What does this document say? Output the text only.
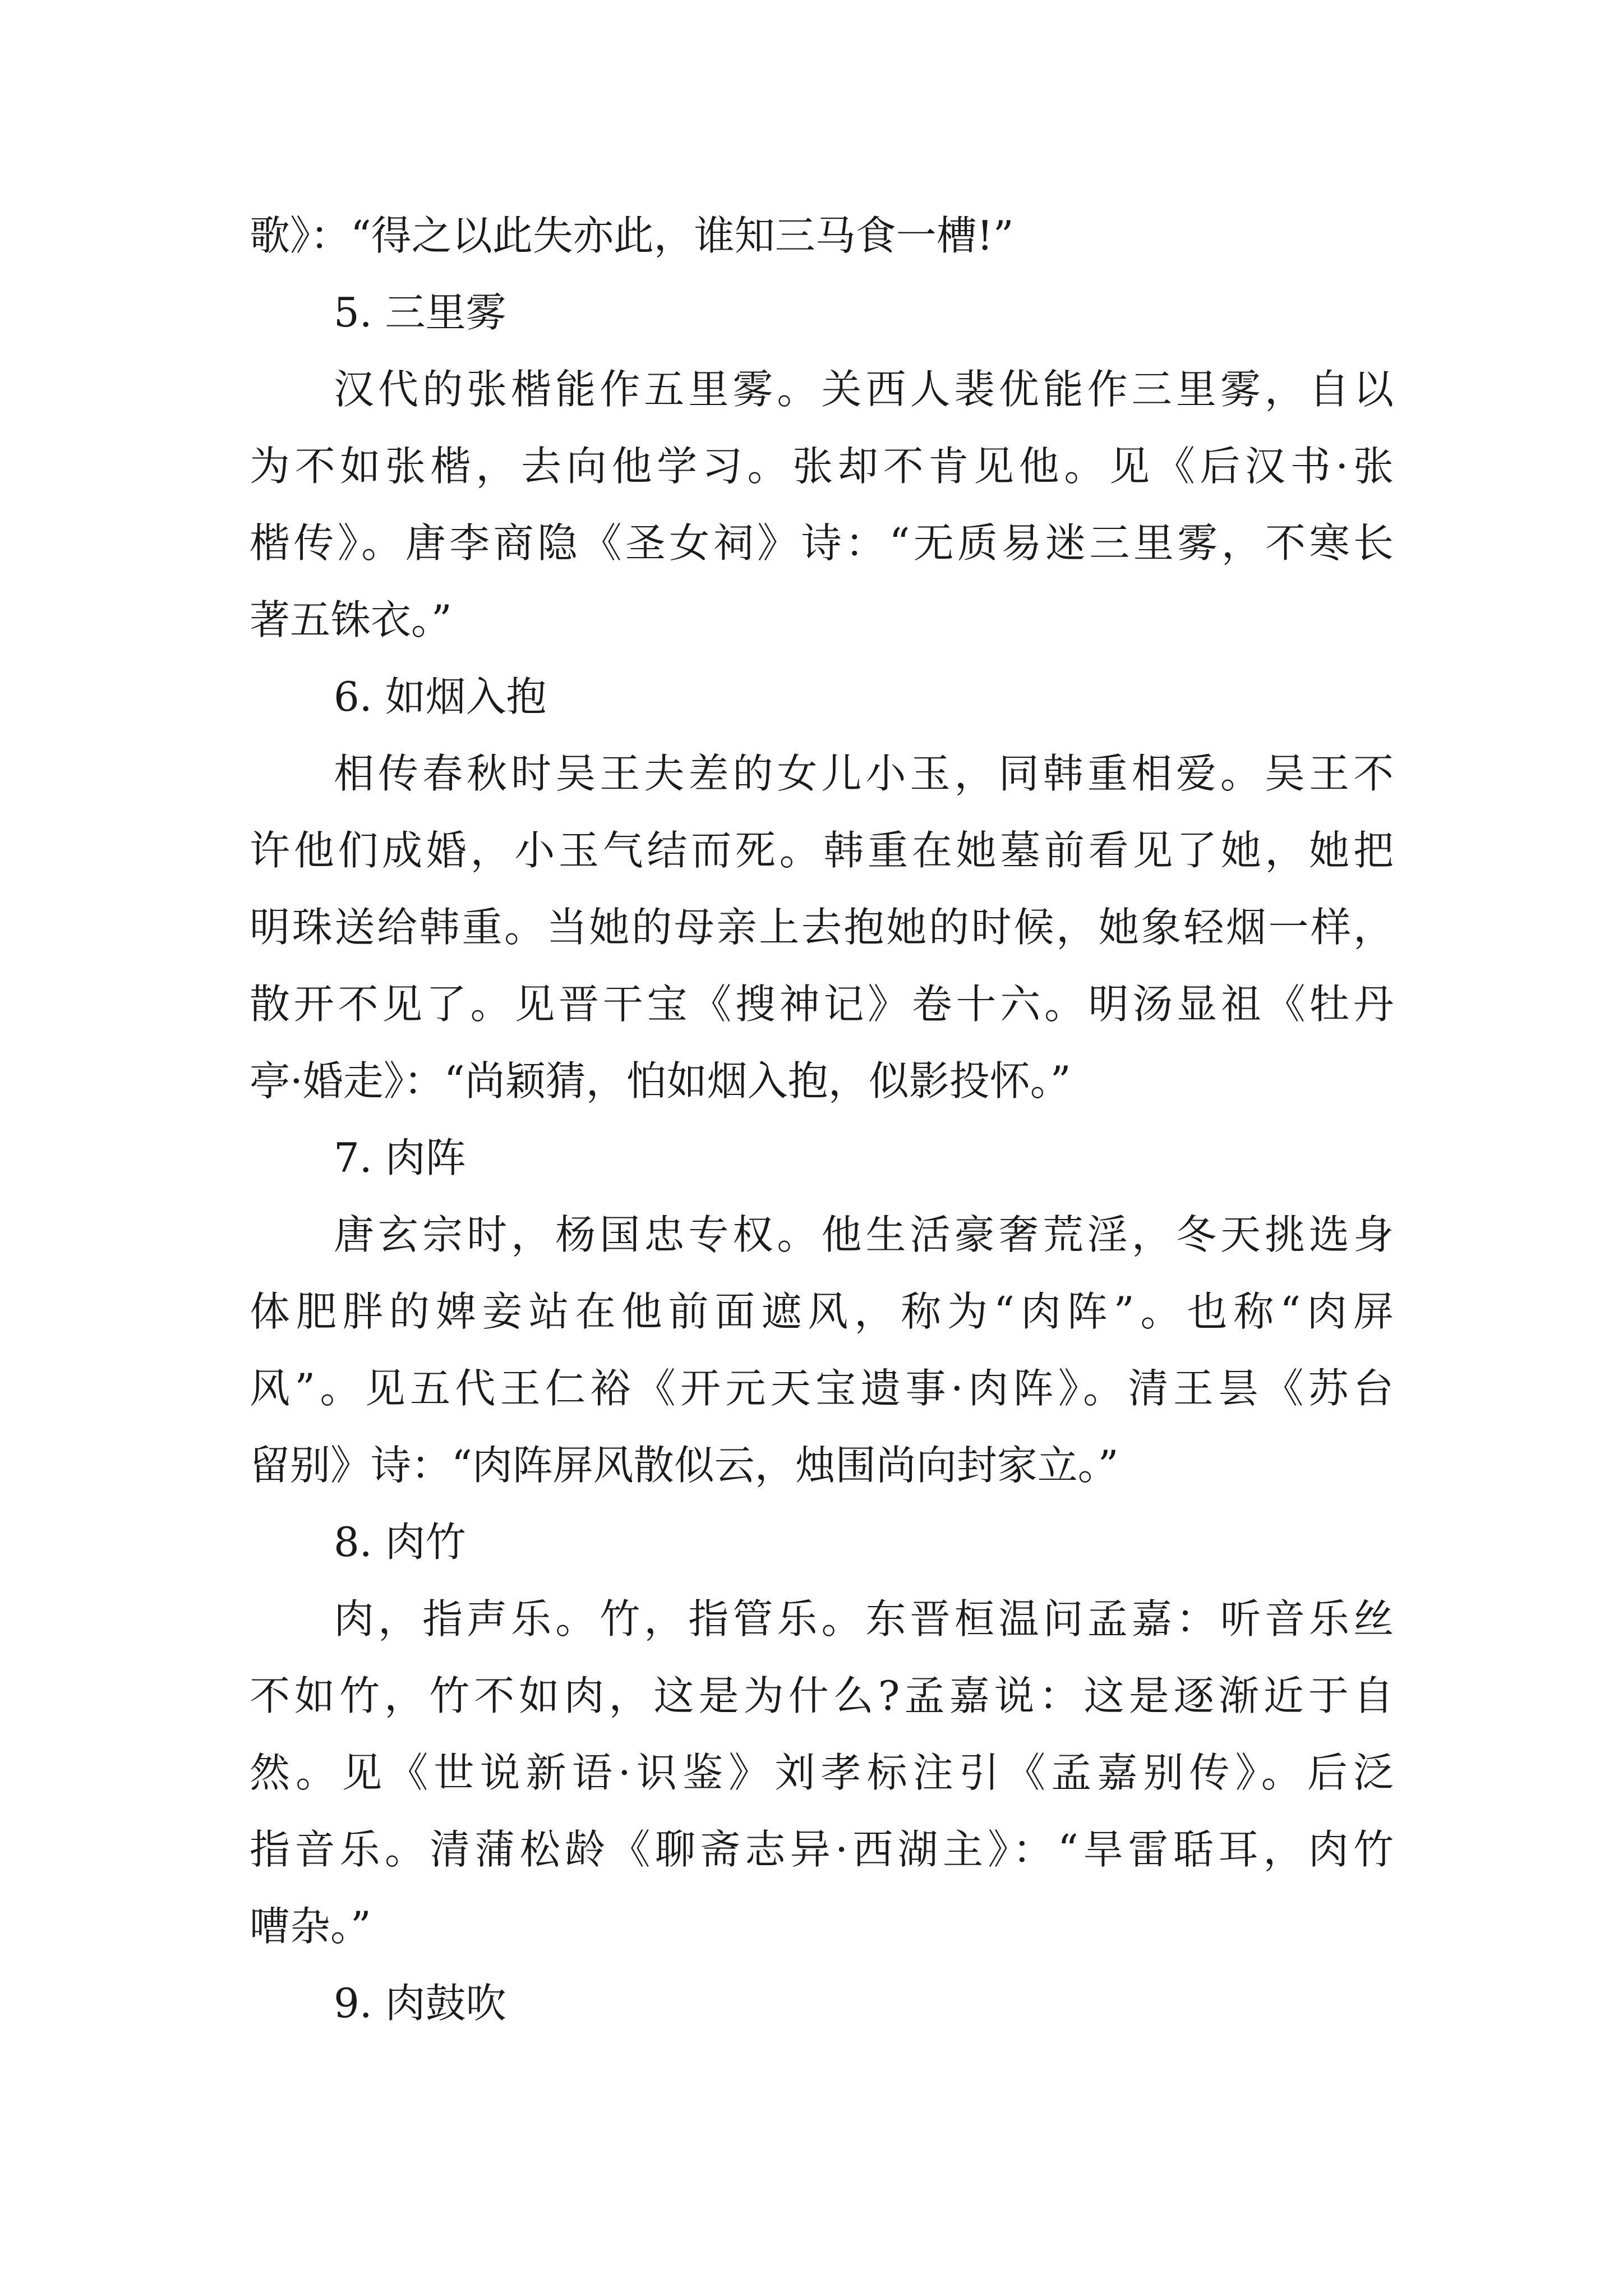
歌》：“得之以此失亦此，谁知三马食一槽!”
5. 三里雾
汉代的张楷能作五里雾。关西人裴优能作三里雾，自以
为不如张楷，去向他学习。张却不肯见他。见《后汉书·张
楷传》。唐李商隐《圣女祠》诗：“无质易迷三里雾，不寒长
著五铢衣。”
6. 如烟入抱
相传春秋时吴王夫差的女儿小玉，同韩重相爱。吴王不
许他们成婚，小玉气结而死。韩重在她墓前看见了她，她把
明珠送给韩重。当她的母亲上去抱她的时候，她象轻烟一样，
散开不见了。见晋干宝《搜神记》卷十六。明汤显祖《牡丹
亭·婚走》：“尚颖猜，怕如烟入抱，似影投怀。”
7. 肉阵
唐玄宗时，杨国忠专权。他生活豪奢荒淫，冬天挑选身
体肥胖的婢妾站在他前面遮风，称为“肉阵”。也称“肉屏
风”。见五代王仁裕《开元天宝遗事·肉阵》。清王昙《苏台
留别》诗：“肉阵屏风散似云，烛围尚向封家立。”
8. 肉竹
肉，指声乐。竹，指管乐。东晋桓温问孟嘉：听音乐丝
不如竹，竹不如肉，这是为什么?孟嘉说：这是逐渐近于自
然。见《世说新语·识鉴》刘孝标注引《孟嘉别传》。后泛
指音乐。清蒲松龄《聊斋志异·西湖主》：“旱雷聒耳，肉竹
嘈杂。”
9. 肉鼓吹
